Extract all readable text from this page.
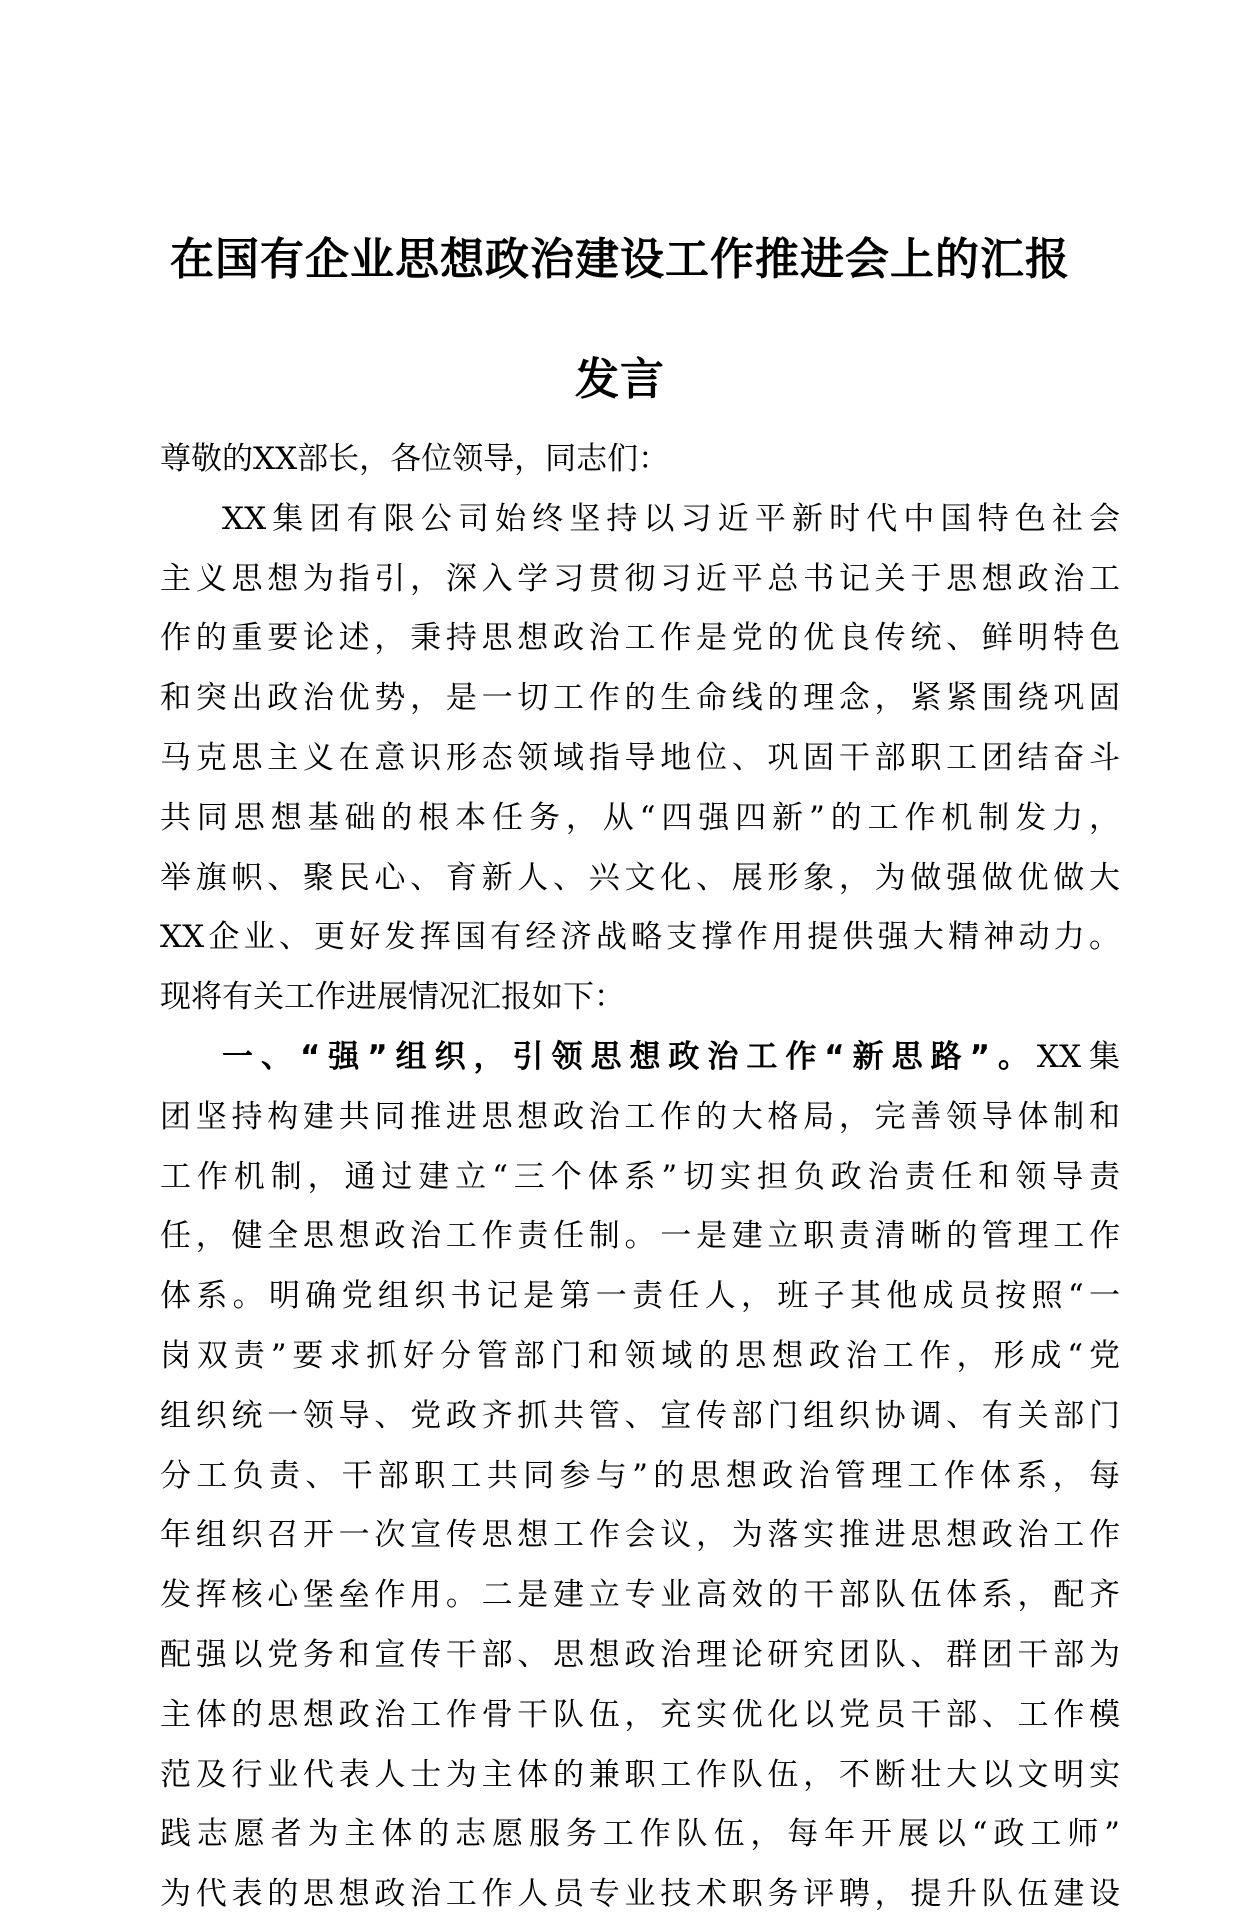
在国有企业思想政治建设工作推进会上的汇报
发言
尊敬的XX部长，各位领导，同志们：
XX集团有限公司始终坚持以习近平新时代中国特色社会
主义思想为指引，深入学习贯彻习近平总书记关于思想政治工
作的重要论述，秉持思想政治工作是党的优良传统、鲜明特色
和突出政治优势，是一切工作的生命线的理念，紧紧围绕巩固
马克思主义在意识形态领域指导地位、巩固干部职工团结奋斗
共同思想基础的根本任务，从“四强四新”的工作机制发力，
举旗帜、聚民心、育新人、兴文化、展形象，为做强做优做大
XX企业、更好发挥国有经济战略支撑作用提供强大精神动力。
现将有关工作进展情况汇报如下：
一、“强”组织，引领思想政治工作“新思路”。XX集
团坚持构建共同推进思想政治工作的大格局，完善领导体制和
工作机制，通过建立“三个体系”切实担负政治责任和领导责
任，健全思想政治工作责任制。一是建立职责清晰的管理工作
体系。明确党组织书记是第一责任人，班子其他成员按照“一
岗双责”要求抓好分管部门和领域的思想政治工作，形成“党
组织统一领导、党政齐抓共管、宣传部门组织协调、有关部门
分工负责、干部职工共同参与”的思想政治管理工作体系，每
年组织召开一次宣传思想工作会议，为落实推进思想政治工作
发挥核心堡垒作用。二是建立专业高效的干部队伍体系，配齐
配强以党务和宣传干部、思想政治理论研究团队、群团干部为
主体的思想政治工作骨干队伍，充实优化以党员干部、工作模
范及行业代表人士为主体的兼职工作队伍，不断壮大以文明实
践志愿者为主体的志愿服务工作队伍，每年开展以“政工师”
为代表的思想政治工作人员专业技术职务评聘，提升队伍建设
